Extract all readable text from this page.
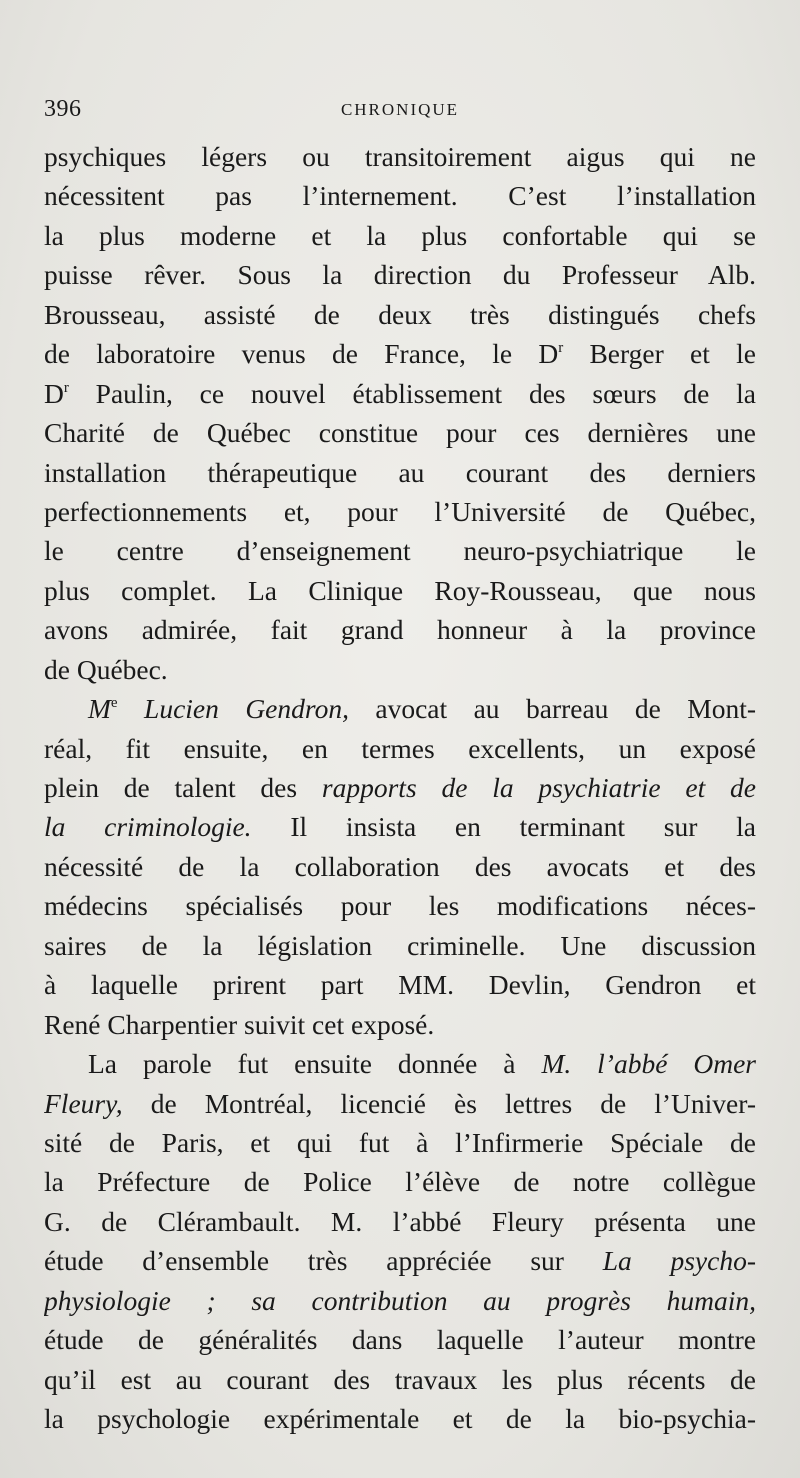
396	CHRONIQUE
psychiques légers ou transitoirement aigus qui ne
nécessitent pas l’internement. C’est l’installation
la plus moderne et la plus confortable qui se
puisse rêver. Sous la direction du Professeur Alb.
Brousseau, assisté de deux très distingués chefs
de laboratoire venus de France, le $D^r$ Berger et le
$D^r$ Paulin, ce nouvel établissement des sœurs de la
Charité de Québec constitue pour ces dernières une
installation thérapeutique au courant des derniers
perfectionnements et, pour l’Université de Québec,
le centre d’enseignement neuro-psychiatrique le
plus complet. La Clinique Roy-Rousseau, que nous
avons admirée, fait grand honneur à la province
de Québec.
Me Lucien Gendron, avocat au barreau de Mont-
réal, fit ensuite, en termes excellents, un exposé
plein de talent des rapports de la psychiatrie et de
la criminologie. Il insista en terminant sur la
nécessité de la collaboration des avocats et des
médecins spécialisés pour les modifications néces-
saires de la législation criminelle. Une discussion
à laquelle prirent part MM. Devlin, Gendron et
René Charpentier suivit cet exposé.
La parole fut ensuite donnée à M. l’abbé Omer
Fleury, de Montréal, licencié ès lettres de l’Univer-
sité de Paris, et qui fut à l’Infirmerie Spéciale de
la Préfecture de Police l’élève de notre collègue
G. de Clérambault. M. l’abbé Fleury présenta une
étude d’ensemble très appréciée sur La psycho-
physiologie ; sa contribution au progrès humain,
étude de généralités dans laquelle l’auteur montre
qu’il est au courant des travaux les plus récents de
la psychologie expérimentale et de la bio-psychia-
